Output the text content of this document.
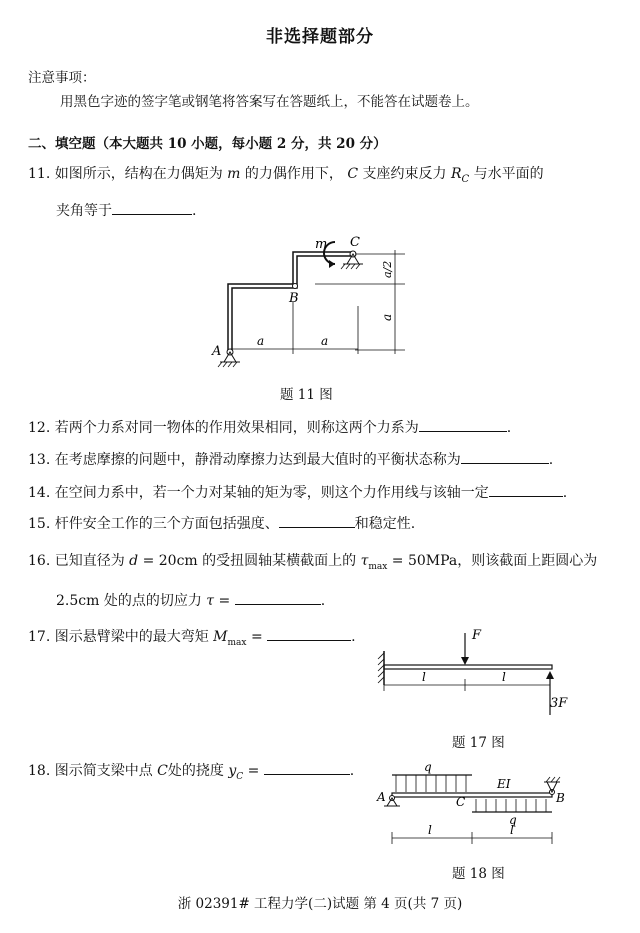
非选择题部分
注意事项：
用黑色字迹的签字笔或钢笔将答案写在答题纸上，不能答在试题卷上。
二、填空题（本大题共 10 小题，每小题 2 分，共 20 分）
11. 如图所示，结构在力偶矩为 m 的力偶作用下， C 支座约束反力 $R_C$ 与水平面的
夹角等于	.
m C
B
A
a	a
a/2
a
题 11 图
12. 若两个力系对同一物体的作用效果相同，则称这两个力系为	.
13. 在考虑摩擦的问题中，静滑动摩擦力达到最大值时的平衡状态称为	.
14. 在空间力系中，若一个力对某轴的矩为零，则这个力作用线与该轴一定	.
15. 杆件安全工作的三个方面包括强度、	和稳定性.
16. 已知直径为 d = 20cm 的受扭圆轴某横截面上的 $\tau_{max} = 50MPa$，则该截面上距圆心为
2.5cm 处的点的切应力 τ =	.
17. 图示悬臂梁中的最大弯矩 $M_{max}$ =	.	F
3F
l	l
题 17 图
18. 图示简支梁中点 C处的挠度 $y_C$ =	.	q
EI
q
A	B
C
l	l
题 18 图
浙 02391# 工程力学(二)试题 第 4 页(共 7 页)
